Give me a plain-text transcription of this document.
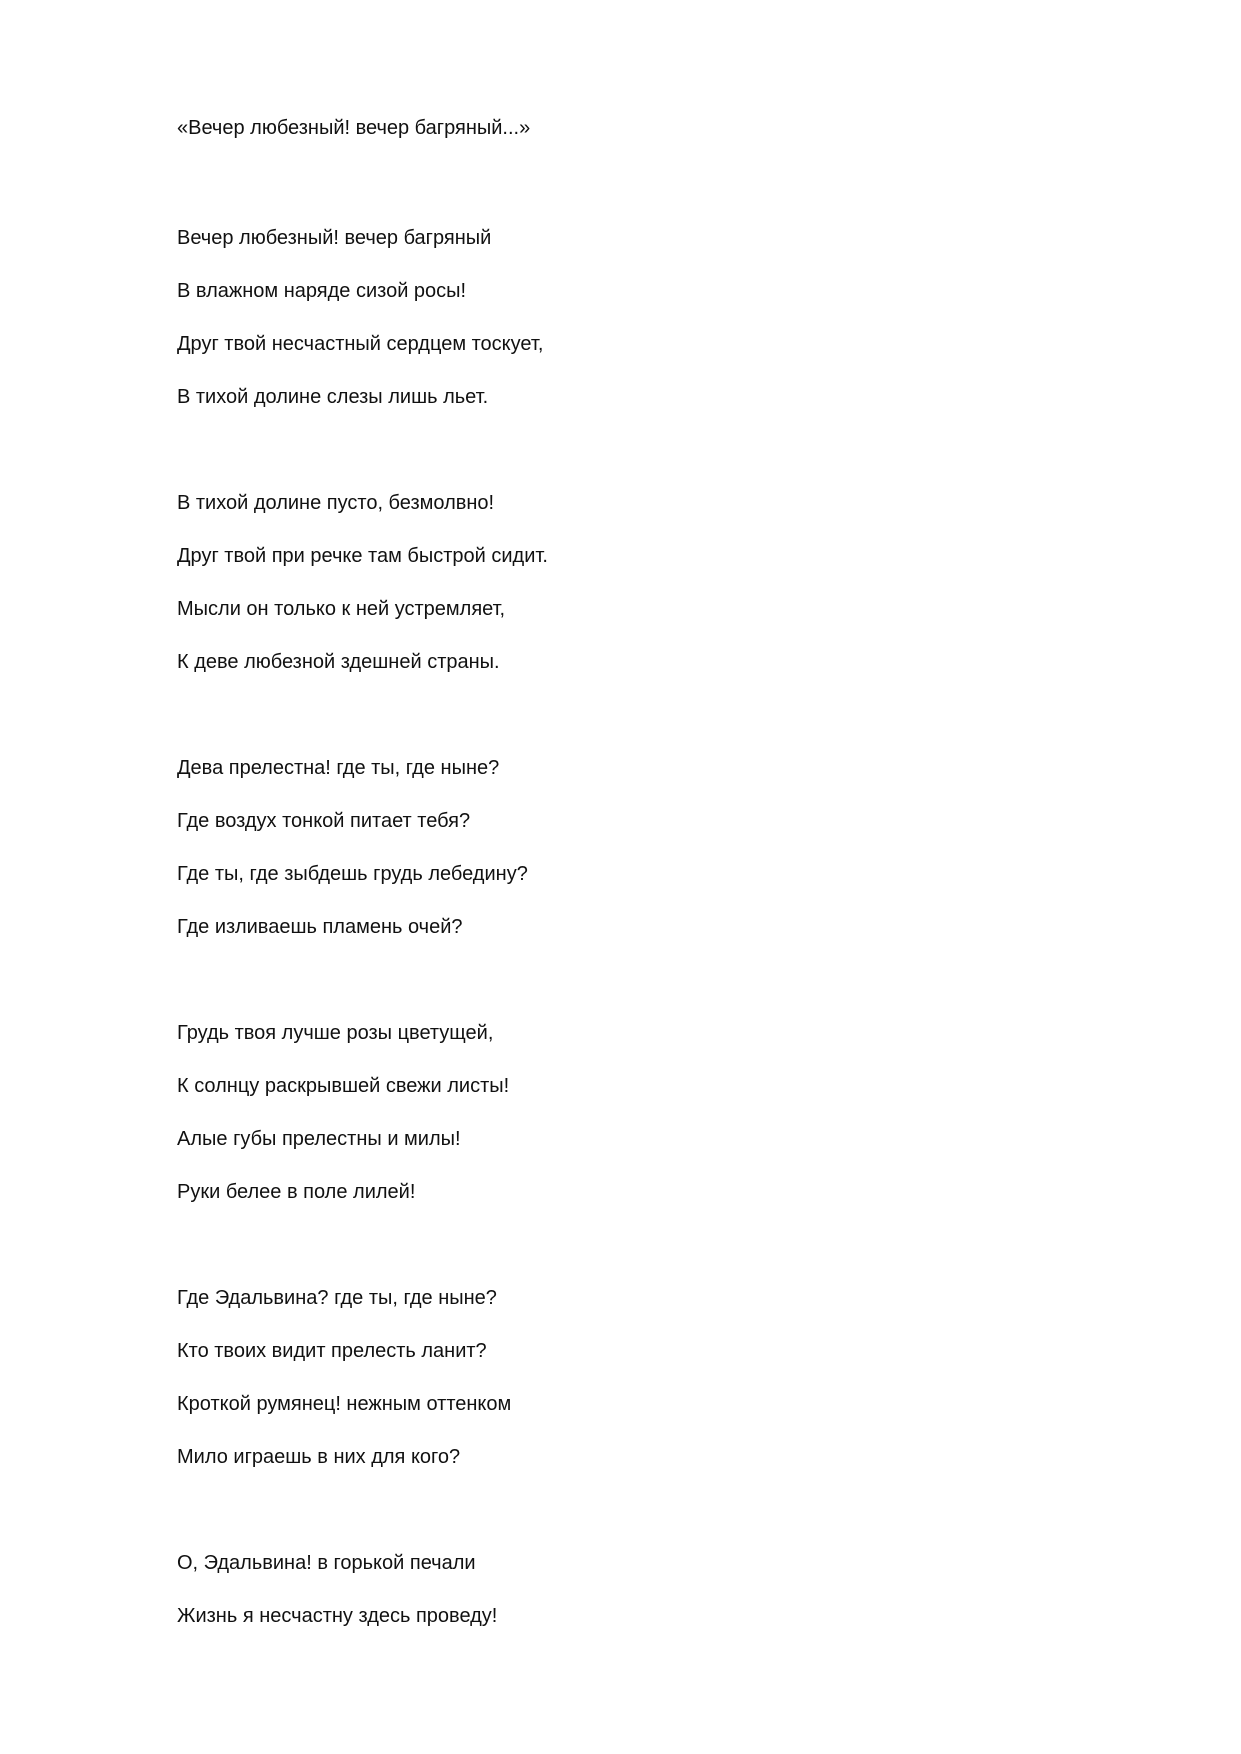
«Вечер любезный! вечер багряный...»

Вечер любезный! вечер багряный

В влажном наряде сизой росы!

Друг твой несчастный сердцем тоскует,

В тихой долине слезы лишь льет.

В тихой долине пусто, безмолвно!

Друг твой при речке там быстрой сидит.

Мысли он только к ней устремляет,

К деве любезной здешней страны.

Дева прелестна! где ты, где ныне?

Где воздух тонкой питает тебя?

Где ты, где зыбдешь грудь лебедину?

Где изливаешь пламень очей?

Грудь твоя лучше розы цветущей,

К солнцу раскрывшей свежи листы!

Алые губы прелестны и милы!

Руки белее в поле лилей!

Где Эдальвина? где ты, где ныне?

Кто твоих видит прелесть ланит?

Кроткой румянец! нежным оттенком

Мило играешь в них для кого?

О, Эдальвина! в горькой печали

Жизнь я несчастну здесь проведу!
